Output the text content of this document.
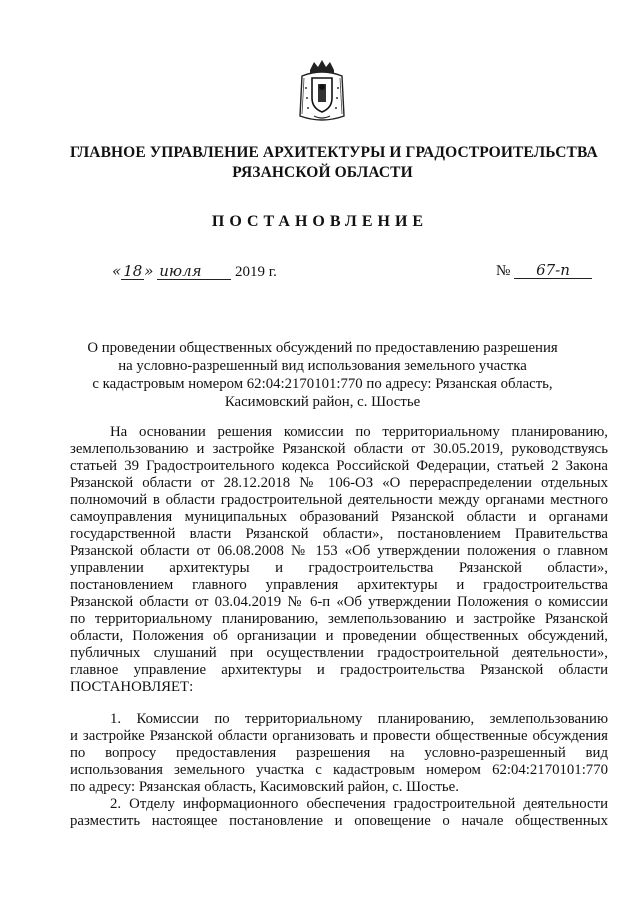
ГЛАВНОЕ УПРАВЛЕНИЕ АРХИТЕКТУРЫ И ГРАДОСТРОИТЕЛЬСТВА
РЯЗАНСКОЙ ОБЛАСТИ
ПОСТАНОВЛЕНИЕ
« 18 » июля 2019 г.	№ 67-п
О проведении общественных обсуждений по предоставлению разрешения
на условно-разрешенный вид использования земельного участка
с кадастровым номером 62:04:2170101:770 по адресу: Рязанская область,
Касимовский район, с. Шостье
На основании решения комиссии по территориальному планированию,
землепользованию и застройке Рязанской области от 30.05.2019, руководствуясь
статьей 39 Градостроительного кодекса Российской Федерации, статьей 2 Закона
Рязанской области от 28.12.2018 № 106-ОЗ «О перераспределении отдельных
полномочий в области градостроительной деятельности между органами местного
самоуправления муниципальных образований Рязанской области и органами
государственной власти Рязанской области», постановлением Правительства
Рязанской области от 06.08.2008 № 153 «Об утверждении положения о главном
управлении архитектуры и градостроительства Рязанской области»,
постановлением главного управления архитектуры и градостроительства
Рязанской области от 03.04.2019 № 6-п «Об утверждении Положения о комиссии
по территориальному планированию, землепользованию и застройке Рязанской
области, Положения об организации и проведении общественных обсуждений,
публичных слушаний при осуществлении градостроительной деятельности»,
главное управление архитектуры и градостроительства Рязанской области
ПОСТАНОВЛЯЕТ:
1. Комиссии по территориальному планированию, землепользованию
и застройке Рязанской области организовать и провести общественные обсуждения
по вопросу предоставления разрешения на условно-разрешенный вид
использования земельного участка с кадастровым номером 62:04:2170101:770
по адресу: Рязанская область, Касимовский район, с. Шостье.
2. Отделу информационного обеспечения градостроительной деятельности
разместить настоящее постановление и оповещение о начале общественных
